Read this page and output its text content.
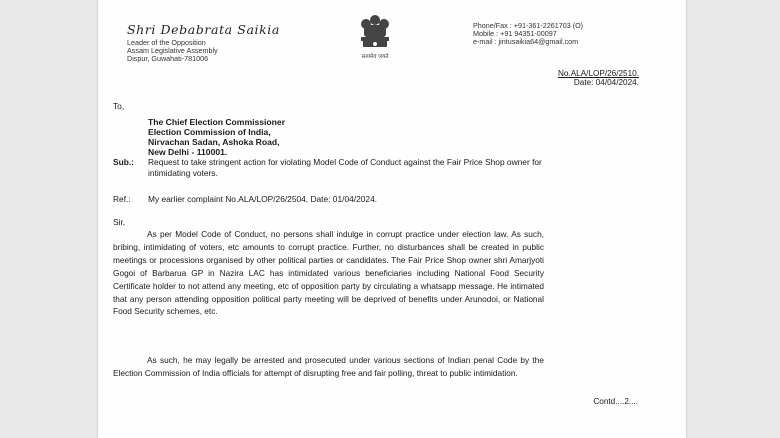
Shri Debabrata Saikia
Leader of the Opposition
Assam Legislative Assembly
Dispur, Guwahati-781006	सत्यमेव जयते
Phone/Fax : +91-361-2261703 (O)
Mobile : +91 94351-00097
e-mail : jintusaikia64@gmail.com
No.ALA/LOP/26/2510.
Date: 04/04/2024.
To,
The Chief Election Commissioner
Election Commission of India,
Nirvachan Sadan, Ashoka Road,
New Delhi - 110001.
Sub.: Request to take stringent action for violating Model Code of Conduct against the Fair Price Shop owner for intimidating voters.
Ref.: My earlier complaint No.ALA/LOP/26/2504, Date: 01/04/2024.
Sir,

As per Model Code of Conduct, no persons shall indulge in corrupt practice under election law. As such, bribing, intimidating of voters, etc amounts to corrupt practice. Further, no disturbances shall be created in public meetings or processions organised by other political parties or candidates. The Fair Price Shop owner shri Amarjyoti Gogoi of Barbarua GP in Nazira LAC has intimidated various beneficiaries including National Food Security Certificate holder to not attend any meeting, etc of opposition party by circulating a whatsapp message. He intimated that any person attending opposition political party meeting will be deprived of benefits under Arunodoi, or National Food Security schemes, etc.

As such, he may legally be arrested and prosecuted under various sections of Indian penal Code by the Election Commission of India officials for attempt of disrupting free and fair polling, threat to public intimidation.

Contd....2....
